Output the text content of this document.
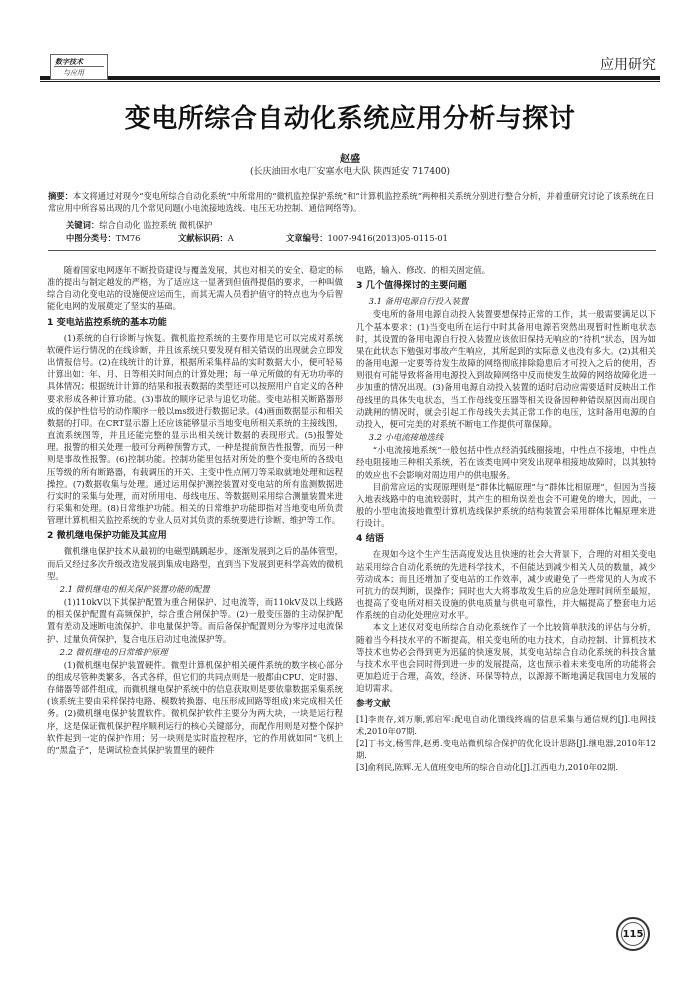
数字技术
与应用	应用研究
变电所综合自动化系统应用分析与探讨
赵盛
(长庆油田水电厂安塞水电大队 陕西延安 717400)
摘要：本文将通过对现今“变电所综合自动化系统”中所常用的“微机监控保护系统”和“计算机监控系统”两种相关系统分别进行整合分析，并着重研究讨论了该系统在日常应用中所容易出现的几个常见问题(小电流接地选线、电压无功控制、通信网络等)。
关键词：综合自动化 监控系统 微机保护
中图分类号：TM76	文献标识码：A	文章编号：1007-9416(2013)05-0115-01

随着国家电网逐年不断投资建设与覆盖发展，其也对相关的安全、稳定的标准的提出与制定越发的严格，为了适应这一显著到但值得提倡的要求，一种叫做综合自动化变电站的设施便应运而生，而其无需人员看护值守的特点也为今后智能化电网的发展奠定了坚实的基础。

1 变电站监控系统的基本功能

(1)系统的自行诊断与恢复。微机监控系统的主要作用是它可以完成对系统软硬件运行情况的在线诊断，并且该系统只要发现有相关错误的出现就会立即发出情报信号。(2)在线统计的计算，根据所采集样品的实时数据大小，便可轻易计算出如：年、月、日等相关时间点的计算处理；每一单元所做的有无功功率的具体情况；根据统计计算的结果和报表数据的类型还可以按照用户自定义的各种要求形成各种计算功能。(3)事故的顺序记录与追忆功能。变电站相关断路器形成的保护性信号的动作顺序一般以ms级进行数据记录。(4)画面数据显示和相关数据的打印。在CRT显示器上还应该能够显示当地变电所相关系统的主接线图，直流系统图等，并且还能完整的显示出相关统计数据的表现形式。(5)报警处理。报警的相关处理一般可分两种预警方式，一种是提前预告性报警，而另一种则是事故性报警。(6)控制功能。控制功能里包括对所处的整个变电所的各级电压等级的所有断路器，有载调压的开关、主变中性点闸刀等采取就地处理和远程操控。(7)数据收集与处理。通过运用保护测控装置对变电站的所有监测数据进行实时的采集与处理，而对所用电、母线电压、等数据则采用综合测量装置来进行采集和处理。(8)日常维护功能。相关的日常维护功能即指对当地变电所负责管理计算机相关监控系统的专业人员对其负责的系统要进行诊断、维护等工作。

2 微机继电保护功能及其应用

微机继电保护技术从最初的电磁型踽踽起步，逐渐发展到之后的晶体管型，而后又经过多次升级改造发展到集成电路型，直到当下发展到更科学高效的微机型。

2.1 微机继电的相关保护装置功能的配置

(1)110kV以下其保护配置为重合闸保护、过电流等，而110kV及以上线路的相关保护配置有高频保护，综合重合闸保护等。(2)一般变压器的主动保护配置有差动及速断电流保护、非电量保护等。而后备保护配置则分为零序过电流保护、过量负荷保护，复合电压启动过电流保护等。

2.2 微机继电的日常维护原理

(1)微机继电保护装置硬件。微型计算机保护相关硬件系统的数字核心部分的组成尽管种类繁多，各式各样，但它们的共同点则是一般都由CPU、定时器、存储器等部件组成，而微机继电保护系统中的信息获取则是要依靠数据采集系统(该系统主要由采样保持电路、模数转换器、电压形成回路等组成)来完成相关任务。(2)微机继电保护装置软件。微机保护软件主要分为两大块，一块是运行程序，这是保证微机保护程序顺利运行的核心关键部分，而配作用则是对整个保护软件起到一定的保护作用；另一块则是实时监控程序，它的作用就如同“飞机上的“黑盒子”，是调试检查其保护装置里的硬件

电路，输入、修改、的相关固定值。

3 几个值得探讨的主要问题
3.1 备用电源自行投入装置

变电所的备用电源自动投入装置要想保持正常的工作，其一般需要满足以下几个基本要求：(1)当变电所在运行中时其备用电源若突然出现暂时性断电状态时，其设置的备用电源自行投入装置应该依旧保持无响应的“待机”状态，因为如果在此状态下勉强对事故产生响应，其所起到的实际意义也没有多大。(2)其相关的备用电源一定要等待发生故障的网络彻底排除隐患后才可投入之后的使用，否则很有可能导致将备用电源投入到故障网络中反而使发生故障的网络故障化进一步加重的情况出现。(3)备用电源自动投入装置的适时启动应需要适时反映出工作母线里的具体失电状态，当工作母线变压器等相关设备因种种错误原因而出现自动跳闸的情况时，就会引起工作母线失去其正常工作的电压，这时备用电源的自动投入，便可完美的对系统不断电工作提供可靠保障。

3.2 小电流接地选线

“小电流接地系统”一般包括中性点经消弧线圈接地，中性点不接地，中性点经电阻接地三种相关系统，若在该类电网中突发出现单相接地故障时，以其独特的效应也不会影响对周边用户的供电服务。

目前常应运的实现原理则是“群体比幅原理”与“群体比相原理”，但因为当接入地表线路中的电流较弱时，其产生的相角误差也会不可避免的增大，因此，一般的小型电流接地微型计算机选线保护系统的结构装置会采用群体比幅原理来进行设计。

4 结语

在现如今这个生产生活高度发达且快速的社会大背景下，合理的对相关变电站采用综合自动化系统的先进科学技术，不但能达到减少相关人员的数量，减少劳动成本；而且还增加了变电站的工作效率，减少或避免了一些常见的人为或不可抗力的误判断，误操作；同时也大大将事故发生后的应急处理时间所至最短，也提高了变电所对相关设施的供电质量与供电可靠性，并大幅提高了整套电力运作系统的自动化处理应对水平。

本文上述仅对变电所综合自动化系统作了一个比较简单肤浅的评估与分析，随着当今科技水平的不断提高，相关变电所的电力技术，自动控制、计算机技术等技术也势必会得到更为迅猛的快速发展，其变电站综合自动化系统的科技含量与技术水平也会同时得到进一步的发展提高，这也预示着未来变电所的功能将会更加趋近于合理，高效，经济、环保等特点，以源源不断地满足我国电力发展的迫切需求。

参考文献

[1]李贵存,刘万顺,郭启军:配电自动化馈线终端的信息采集与通信规约[J].电网技术,2010年07期.

[2]丁书文,杨雪萍,赵勇.变电站微机综合保护的优化设计思路[J].继电器,2010年12期.

[3]俞利民,陈辉.无人值班变电所的综合自动化[J].江西电力,2010年02期.

115
